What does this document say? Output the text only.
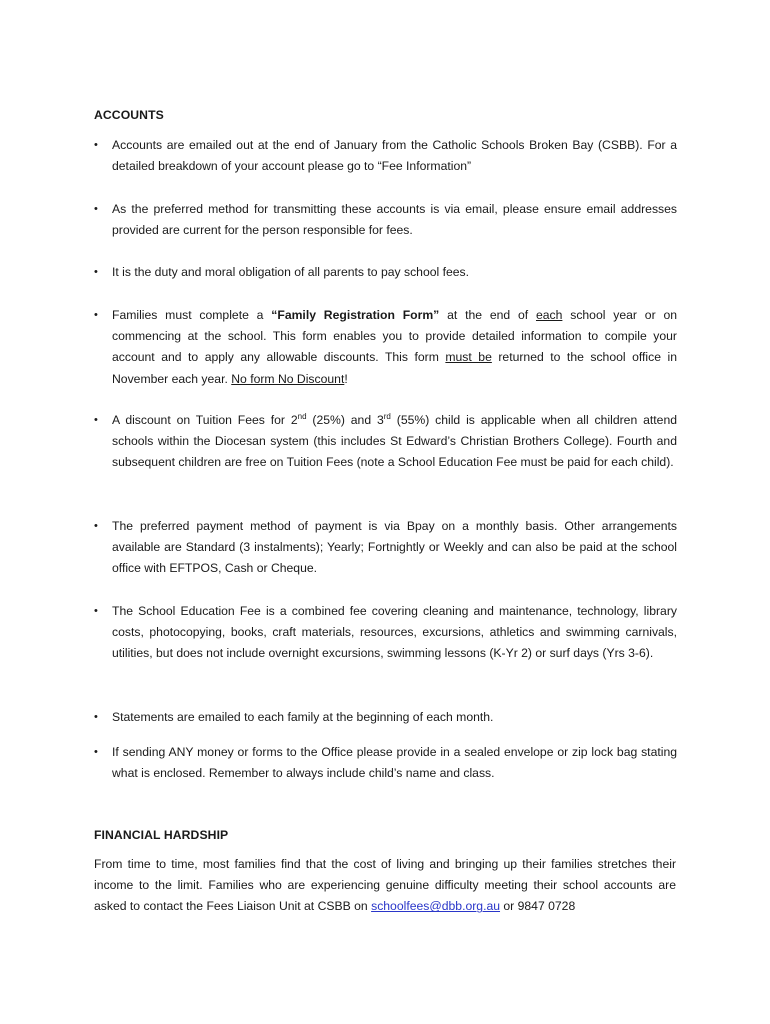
ACCOUNTS
• Accounts are emailed out at the end of January from the Catholic Schools Broken Bay (CSBB). For a detailed breakdown of your account please go to “Fee Information”
• As the preferred method for transmitting these accounts is via email, please ensure email addresses provided are current for the person responsible for fees.
• It is the duty and moral obligation of all parents to pay school fees.
• Families must complete a “Family Registration Form” at the end of each school year or on commencing at the school. This form enables you to provide detailed information to compile your account and to apply any allowable discounts. This form must be returned to the school office in November each year. No form No Discount!
• A discount on Tuition Fees for 2nd (25%) and 3rd (55%) child is applicable when all children attend schools within the Diocesan system (this includes St Edward’s Christian Brothers College). Fourth and subsequent children are free on Tuition Fees (note a School Education Fee must be paid for each child).
• The preferred payment method of payment is via Bpay on a monthly basis. Other arrangements available are Standard (3 instalments); Yearly; Fortnightly or Weekly and can also be paid at the school office with EFTPOS, Cash or Cheque.
• The School Education Fee is a combined fee covering cleaning and maintenance, technology, library costs, photocopying, books, craft materials, resources, excursions, athletics and swimming carnivals, utilities, but does not include overnight excursions, swimming lessons (K-Yr 2) or surf days (Yrs 3-6).
• Statements are emailed to each family at the beginning of each month.
• If sending ANY money or forms to the Office please provide in a sealed envelope or zip lock bag stating what is enclosed. Remember to always include child’s name and class.
FINANCIAL HARDSHIP

From time to time, most families find that the cost of living and bringing up their families stretches their income to the limit. Families who are experiencing genuine difficulty meeting their school accounts are asked to contact the Fees Liaison Unit at CSBB on schoolfees@dbb.org.au or 9847 0728
